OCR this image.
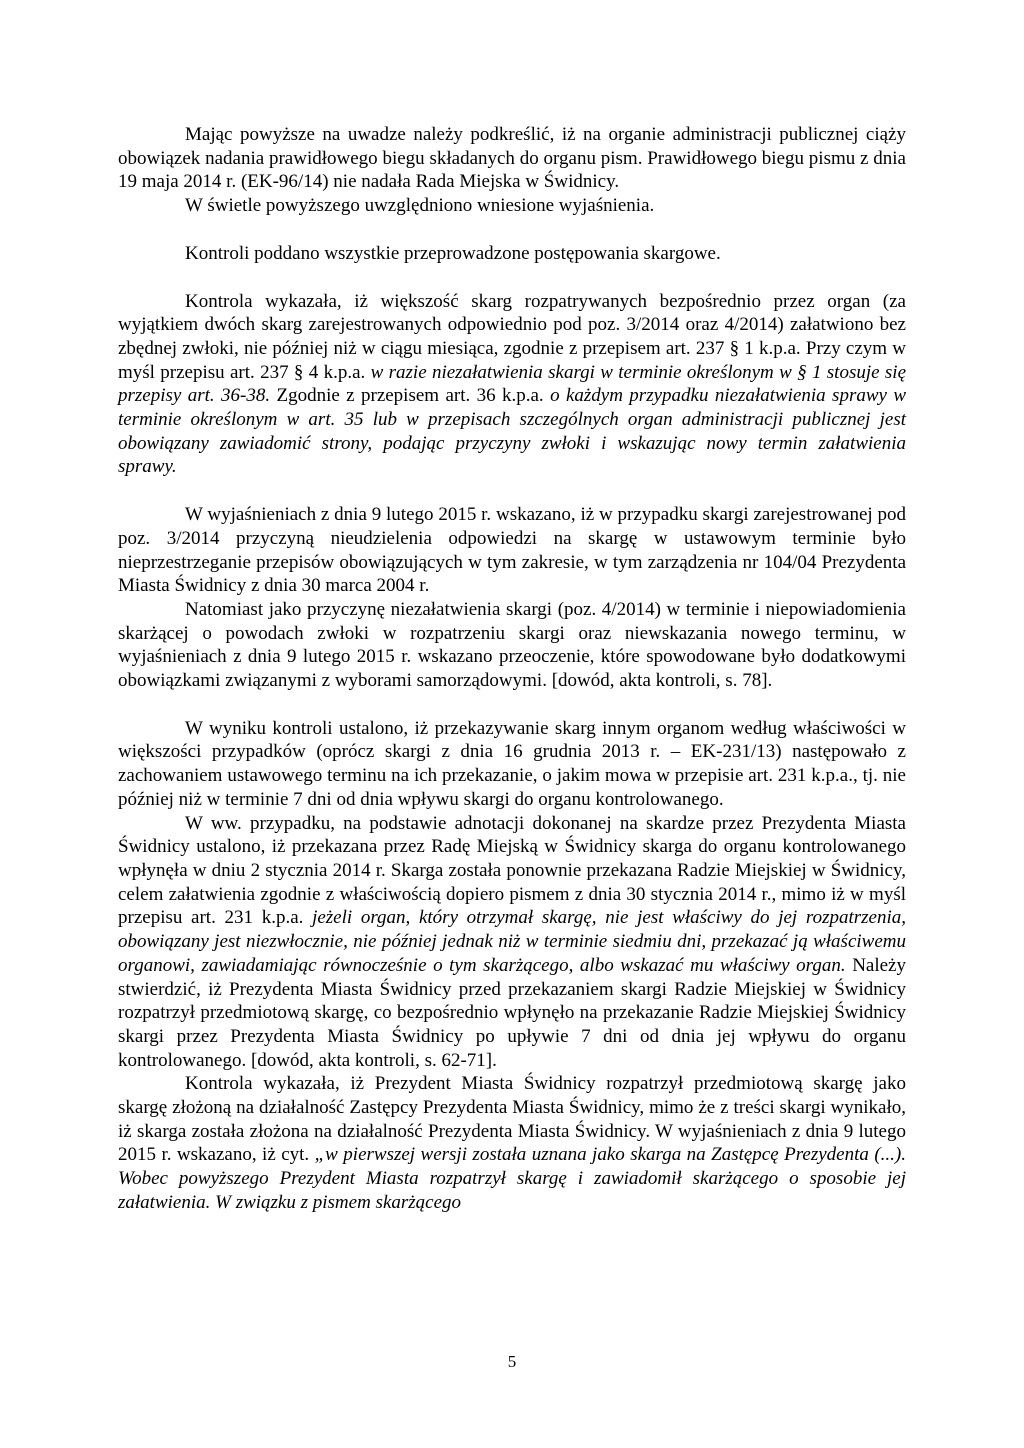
Mając powyższe na uwadze należy podkreślić, iż na organie administracji publicznej ciąży obowiązek nadania prawidłowego biegu składanych do organu pism. Prawidłowego biegu pismu z dnia 19 maja 2014 r. (EK-96/14) nie nadała Rada Miejska w Świdnicy.

W świetle powyższego uwzględniono wniesione wyjaśnienia.

Kontroli poddano wszystkie przeprowadzone postępowania skargowe.

Kontrola wykazała, iż większość skarg rozpatrywanych bezpośrednio przez organ (za wyjątkiem dwóch skarg zarejestrowanych odpowiednio pod poz. 3/2014 oraz 4/2014) załatwiono bez zbędnej zwłoki, nie później niż w ciągu miesiąca, zgodnie z przepisem art. 237 § 1 k.p.a. Przy czym w myśl przepisu art. 237 § 4 k.p.a. w razie niezałatwienia skargi w terminie określonym w § 1 stosuje się przepisy art. 36-38. Zgodnie z przepisem art. 36 k.p.a. o każdym przypadku niezałatwienia sprawy w terminie określonym w art. 35 lub w przepisach szczególnych organ administracji publicznej jest obowiązany zawiadomić strony, podając przyczyny zwłoki i wskazując nowy termin załatwienia sprawy.

W wyjaśnieniach z dnia 9 lutego 2015 r. wskazano, iż w przypadku skargi zarejestrowanej pod poz. 3/2014 przyczyną nieudzielenia odpowiedzi na skargę w ustawowym terminie było nieprzestrzeganie przepisów obowiązujących w tym zakresie, w tym zarządzenia nr 104/04 Prezydenta Miasta Świdnicy z dnia 30 marca 2004 r.

Natomiast jako przyczynę niezałatwienia skargi (poz. 4/2014) w terminie i niepowiadomienia skarżącej o powodach zwłoki w rozpatrzeniu skargi oraz niewskazania nowego terminu, w wyjaśnieniach z dnia 9 lutego 2015 r. wskazano przeoczenie, które spowodowane było dodatkowymi obowiązkami związanymi z wyborami samorządowymi. [dowód, akta kontroli, s. 78].

W wyniku kontroli ustalono, iż przekazywanie skarg innym organom według właściwości w większości przypadków (oprócz skargi z dnia 16 grudnia 2013 r. – EK-231/13) następowało z zachowaniem ustawowego terminu na ich przekazanie, o jakim mowa w przepisie art. 231 k.p.a., tj. nie później niż w terminie 7 dni od dnia wpływu skargi do organu kontrolowanego.

W ww. przypadku, na podstawie adnotacji dokonanej na skardze przez Prezydenta Miasta Świdnicy ustalono, iż przekazana przez Radę Miejską w Świdnicy skarga do organu kontrolowanego wpłynęła w dniu 2 stycznia 2014 r. Skarga została ponownie przekazana Radzie Miejskiej w Świdnicy, celem załatwienia zgodnie z właściwością dopiero pismem z dnia 30 stycznia 2014 r., mimo iż w myśl przepisu art. 231 k.p.a. jeżeli organ, który otrzymał skargę, nie jest właściwy do jej rozpatrzenia, obowiązany jest niezwłocznie, nie później jednak niż w terminie siedmiu dni, przekazać ją właściwemu organowi, zawiadamiając równocześnie o tym skarżącego, albo wskazać mu właściwy organ. Należy stwierdzić, iż Prezydenta Miasta Świdnicy przed przekazaniem skargi Radzie Miejskiej w Świdnicy rozpatrzył przedmiotową skargę, co bezpośrednio wpłynęło na przekazanie Radzie Miejskiej Świdnicy skargi przez Prezydenta Miasta Świdnicy po upływie 7 dni od dnia jej wpływu do organu kontrolowanego. [dowód, akta kontroli, s. 62-71].

Kontrola wykazała, iż Prezydent Miasta Świdnicy rozpatrzył przedmiotową skargę jako skargę złożoną na działalność Zastępcy Prezydenta Miasta Świdnicy, mimo że z treści skargi wynikało, iż skarga została złożona na działalność Prezydenta Miasta Świdnicy. W wyjaśnieniach z dnia 9 lutego 2015 r. wskazano, iż cyt. „w pierwszej wersji została uznana jako skarga na Zastępcę Prezydenta (...). Wobec powyższego Prezydent Miasta rozpatrzył skargę i zawiadomił skarżącego o sposobie jej załatwienia. W związku z pismem skarżącego

5
